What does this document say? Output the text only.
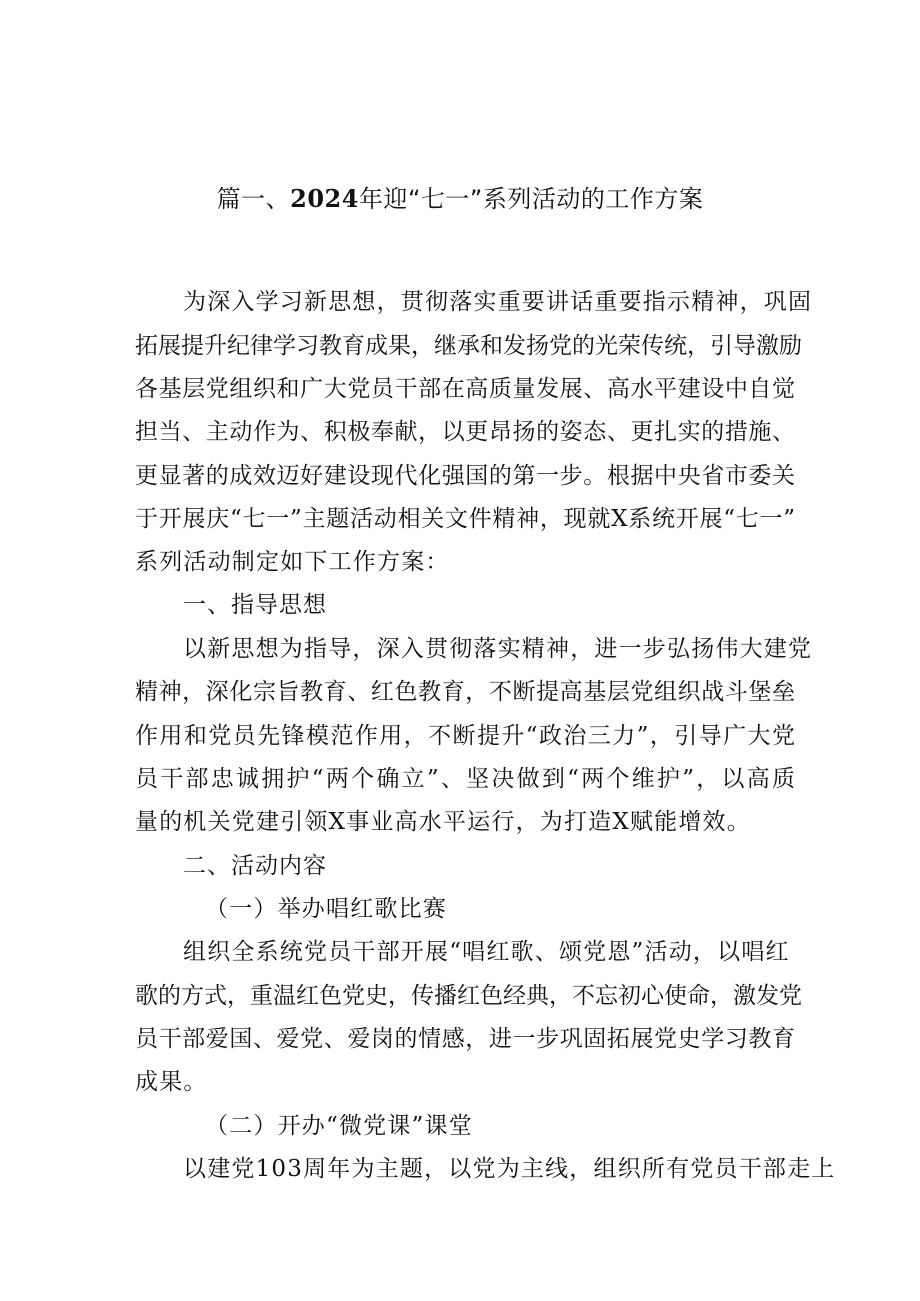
篇一、2024年迎“七一”系列活动的工作方案
为深入学习新思想，贯彻落实重要讲话重要指示精神，巩固
拓展提升纪律学习教育成果，继承和发扬党的光荣传统，引导激励
各基层党组织和广大党员干部在高质量发展、高水平建设中自觉
担当、主动作为、积极奉献，以更昂扬的姿态、更扎实的措施、
更显著的成效迈好建设现代化强国的第一步。根据中央省市委关
于开展庆“七一”主题活动相关文件精神，现就X系统开展“七一”
系列活动制定如下工作方案：
一、指导思想
以新思想为指导，深入贯彻落实精神，进一步弘扬伟大建党
精神，深化宗旨教育、红色教育，不断提高基层党组织战斗堡垒
作用和党员先锋模范作用，不断提升“政治三力”，引导广大党
员干部忠诚拥护“两个确立”、坚决做到“两个维护”，以高质
量的机关党建引领X事业高水平运行，为打造X赋能增效。
二、活动内容
（一）举办唱红歌比赛
组织全系统党员干部开展“唱红歌、颂党恩”活动，以唱红
歌的方式，重温红色党史，传播红色经典，不忘初心使命，激发党
员干部爱国、爱党、爱岗的情感，进一步巩固拓展党史学习教育
成果。
（二）开办“微党课”课堂
以建党103周年为主题，以党为主线，组织所有党员干部走上
